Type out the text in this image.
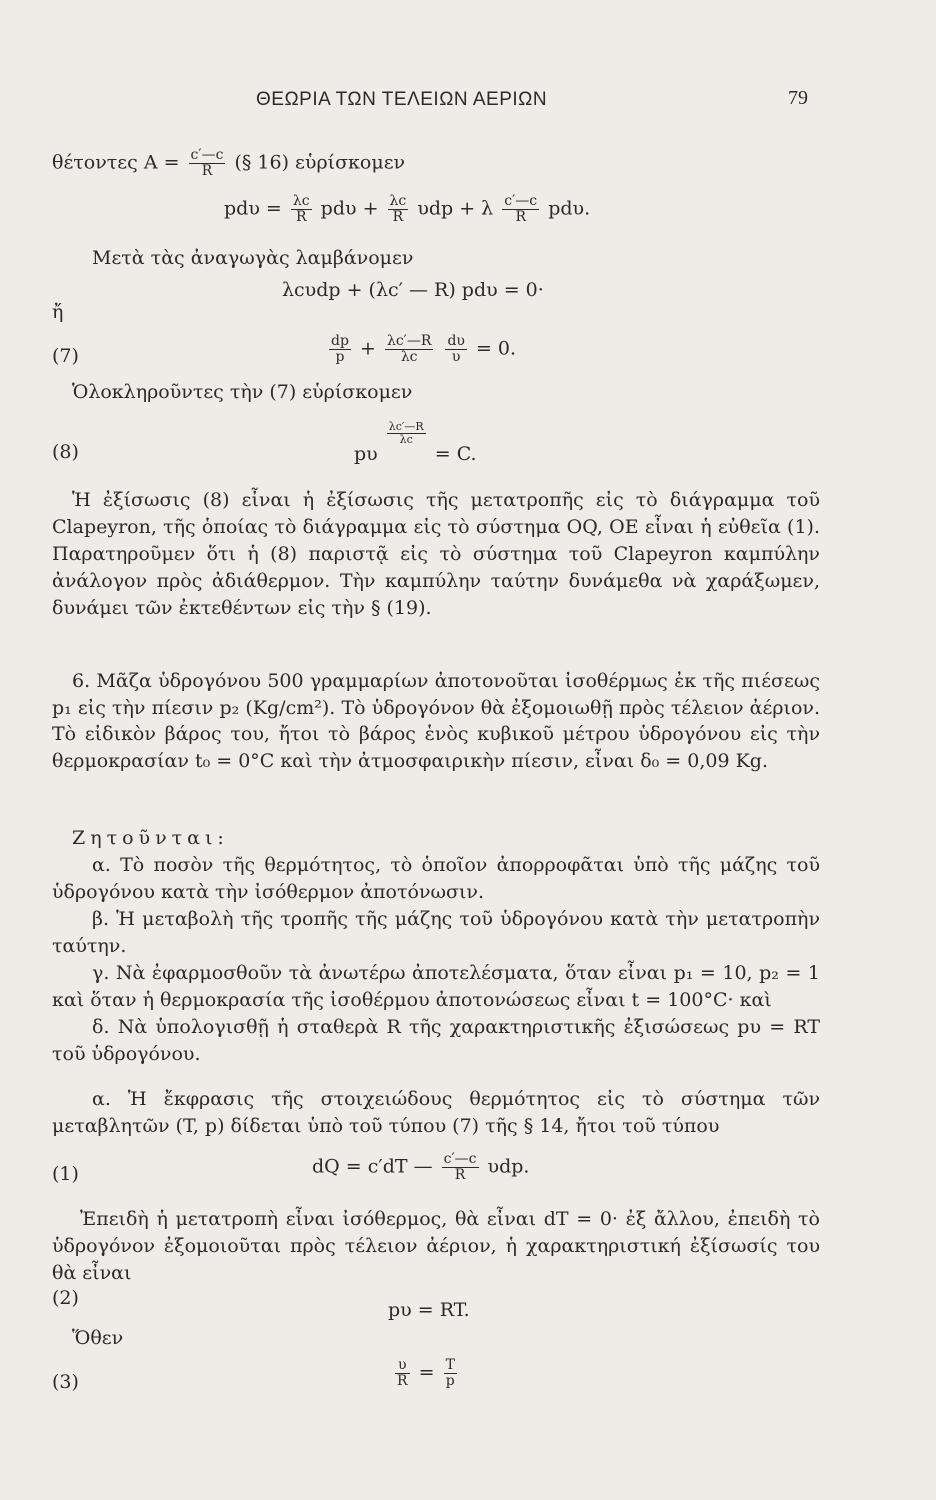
ΘΕΩΡΙΑ ΤΩΝ ΤΕΛΕΙΩΝ ΑΕΡΙΩΝ	79
θέτοντες $A = \frac{c'—c}{R}$ (§ 16) εὑρίσκομεν
$pd\upsilon = \frac{\lambda c}{R}$ $pd\upsilon + \frac{\lambda c}{R}$ υdp + λ $\frac{c'—c}{R} pd\upsilon$.
Μετὰ τὰς ἀναγωγὰς λαμβάνομεν
λcυdp + (λc′ — R) pdυ = 0·
ἤ
(7)	$\frac{dp}{p} + \frac{\lambda c'—R}{\lambda c}$
$\frac{d\upsilon}{\upsilon} = 0$.
Ὁλοκληροῦντες τὴν (7) εὑρίσκομεν
(8)	pυ
$\frac{\lambda c'—R}{\lambda c}$
= C.
Ἡ ἐξίσωσις (8) εἶναι ἡ ἐξίσωσις τῆς μετατροπῆς εἰς τὸ διάγραμμα τοῦ Clapeyron, τῆς ὁποίας τὸ διάγραμμα εἰς τὸ σύστημα OQ, OE εἶναι ἡ εὐθεῖα (1). Παρατηροῦμεν ὅτι ἡ (8) παριστᾷ εἰς τὸ σύστημα τοῦ Clapeyron καμπύλην ἀνάλογον πρὸς ἀδιάθερμον. Τὴν καμπύλην ταύτην δυνάμεθα νὰ χαράξωμεν, δυνάμει τῶν ἐκτεθέντων εἰς τὴν § (19).
6. Μᾶζα ὑδρογόνου 500 γραμμαρίων ἀποτονοῦται ἰσοθέρμως ἐκ τῆς πιέσεως p₁ εἰς τὴν πίεσιν p₂ (Kg/cm²). Τὸ ὑδρογόνον θὰ ἐξομοιωθῇ πρὸς τέλειον ἀέριον. Τὸ εἰδικὸν βάρος του, ἤτοι τὸ βάρος ἑνὸς κυβικοῦ μέτρου ὑδρογόνου εἰς τὴν θερμοκρασίαν t₀ = 0°C καὶ τὴν ἀτμοσφαιρικὴν πίεσιν, εἶναι δ₀ = 0,09 Kg.
Ζητοῦνται:
α. Τὸ ποσὸν τῆς θερμότητος, τὸ ὁποῖον ἀπορροφᾶται ὑπὸ τῆς μάζης τοῦ ὑδρογόνου κατὰ τὴν ἰσόθερμον ἀποτόνωσιν.
β. Ἡ μεταβολὴ τῆς τροπῆς τῆς μάζης τοῦ ὑδρογόνου κατὰ τὴν μετατροπὴν ταύτην.
γ. Νὰ ἐφαρμοσθοῦν τὰ ἀνωτέρω ἀποτελέσματα, ὅταν εἶναι p₁ = 10, p₂ = 1 καὶ ὅταν ἡ θερμοκρασία τῆς ἰσοθέρμου ἀποτονώσεως εἶναι t = 100°C· καὶ
δ. Νὰ ὑπολογισθῇ ἡ σταθερὰ R τῆς χαρακτηριστικῆς ἐξισώσεως pυ = RT τοῦ ὑδρογόνου.
α. Ἡ ἔκφρασις τῆς στοιχειώδους θερμότητος εἰς τὸ σύστημα τῶν μεταβλητῶν (T, p) δίδεται ὑπὸ τοῦ τύπου (7) τῆς § 14, ἤτοι τοῦ τύπου
(1)	dQ = c′dT — $\frac{c'—c}{R} \upsilon dp$.
Ἐπειδὴ ἡ μετατροπὴ εἶναι ἰσόθερμος, θὰ εἶναι dT = 0· ἐξ ἄλλου, ἐπειδὴ τὸ ὑδρογόνον ἐξομοιοῦται πρὸς τέλειον ἀέριον, ἡ χαρακτηριστική ἐξίσωσίς του θὰ εἶναι
(2)
pυ = RT.
Ὅθεν
(3)	$\frac{\upsilon}{R} = \frac{T}{p}$
